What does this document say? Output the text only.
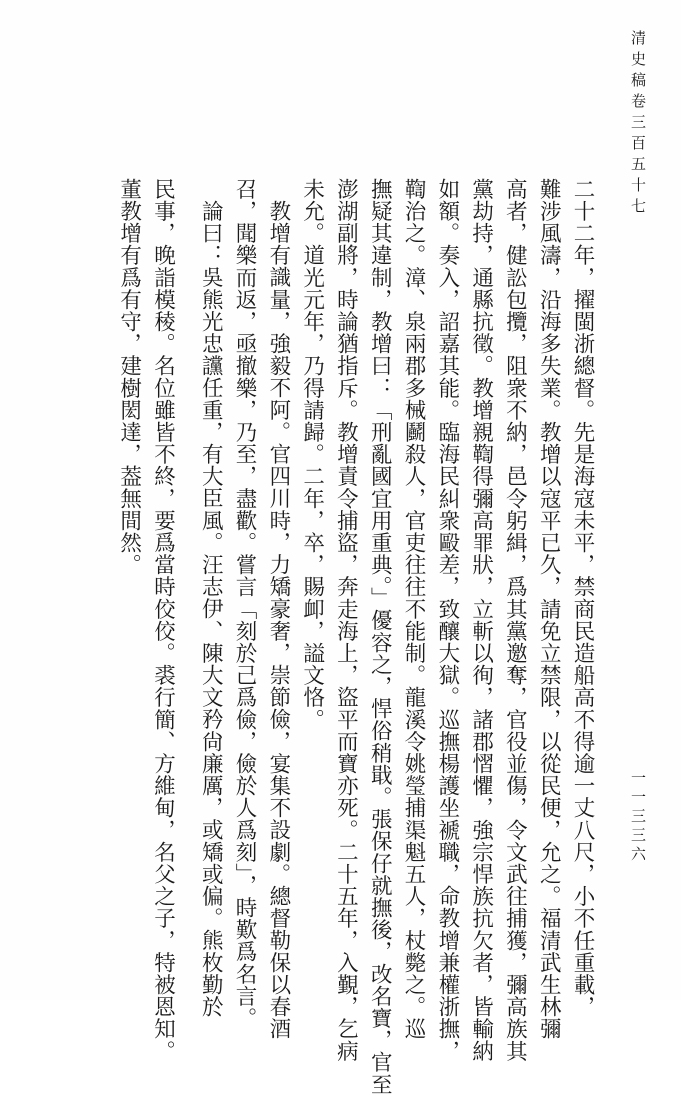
清史稿卷三百五十七
一一三三六
二十二年，擢閩浙總督。先是海寇未平，禁商民造船高不得逾一丈八尺，小不任重載，
難涉風濤，沿海多失業。教增以寇平已久，請免立禁限，以從民便，允之。福清武生林彌
高者，健訟包攬，阻衆不納，邑令躬緝，爲其黨邀奪，官役並傷，令文武往捕獲，彌高族其
黨劫持，通縣抗徵。教增親鞫得彌高罪狀，立斬以徇，諸郡慴懼，強宗悍族抗欠者，皆輸納
如額。奏入，詔嘉其能。臨海民糾衆毆差，致釀大獄。巡撫楊護坐褫職，命教增兼權浙撫，
鞫治之。漳、泉兩郡多械鬬殺人，官吏往往不能制。龍溪令姚瑩捕渠魁五人，杖斃之。巡
撫疑其違制，教增曰：「刑亂國宜用重典。」優容之，悍俗稍戢。張保仔就撫後，改名寶，官至
澎湖副將，時論猶指斥。教增責令捕盜，奔走海上，盜平而寶亦死。二十五年，入覲，乞病
未允。道光元年，乃得請歸。二年，卒，賜卹，謚文恪。
教增有識量，強毅不阿。官四川時，力矯豪奢，崇節儉，宴集不設劇。總督勒保以春酒
召，聞樂而返，亟撤樂，乃至，盡歡。嘗言「刻於己爲儉，儉於人爲刻」，時歎爲名言。
論曰：吳熊光忠讜任重，有大臣風。汪志伊、陳大文矜尙廉厲，或矯或偏。熊枚勤於
民事，晚詣模稜。名位雖皆不終，要爲當時佼佼。裘行簡、方維甸，名父之子，特被恩知。
董教增有爲有守，建樹閎達，葢無間然。
